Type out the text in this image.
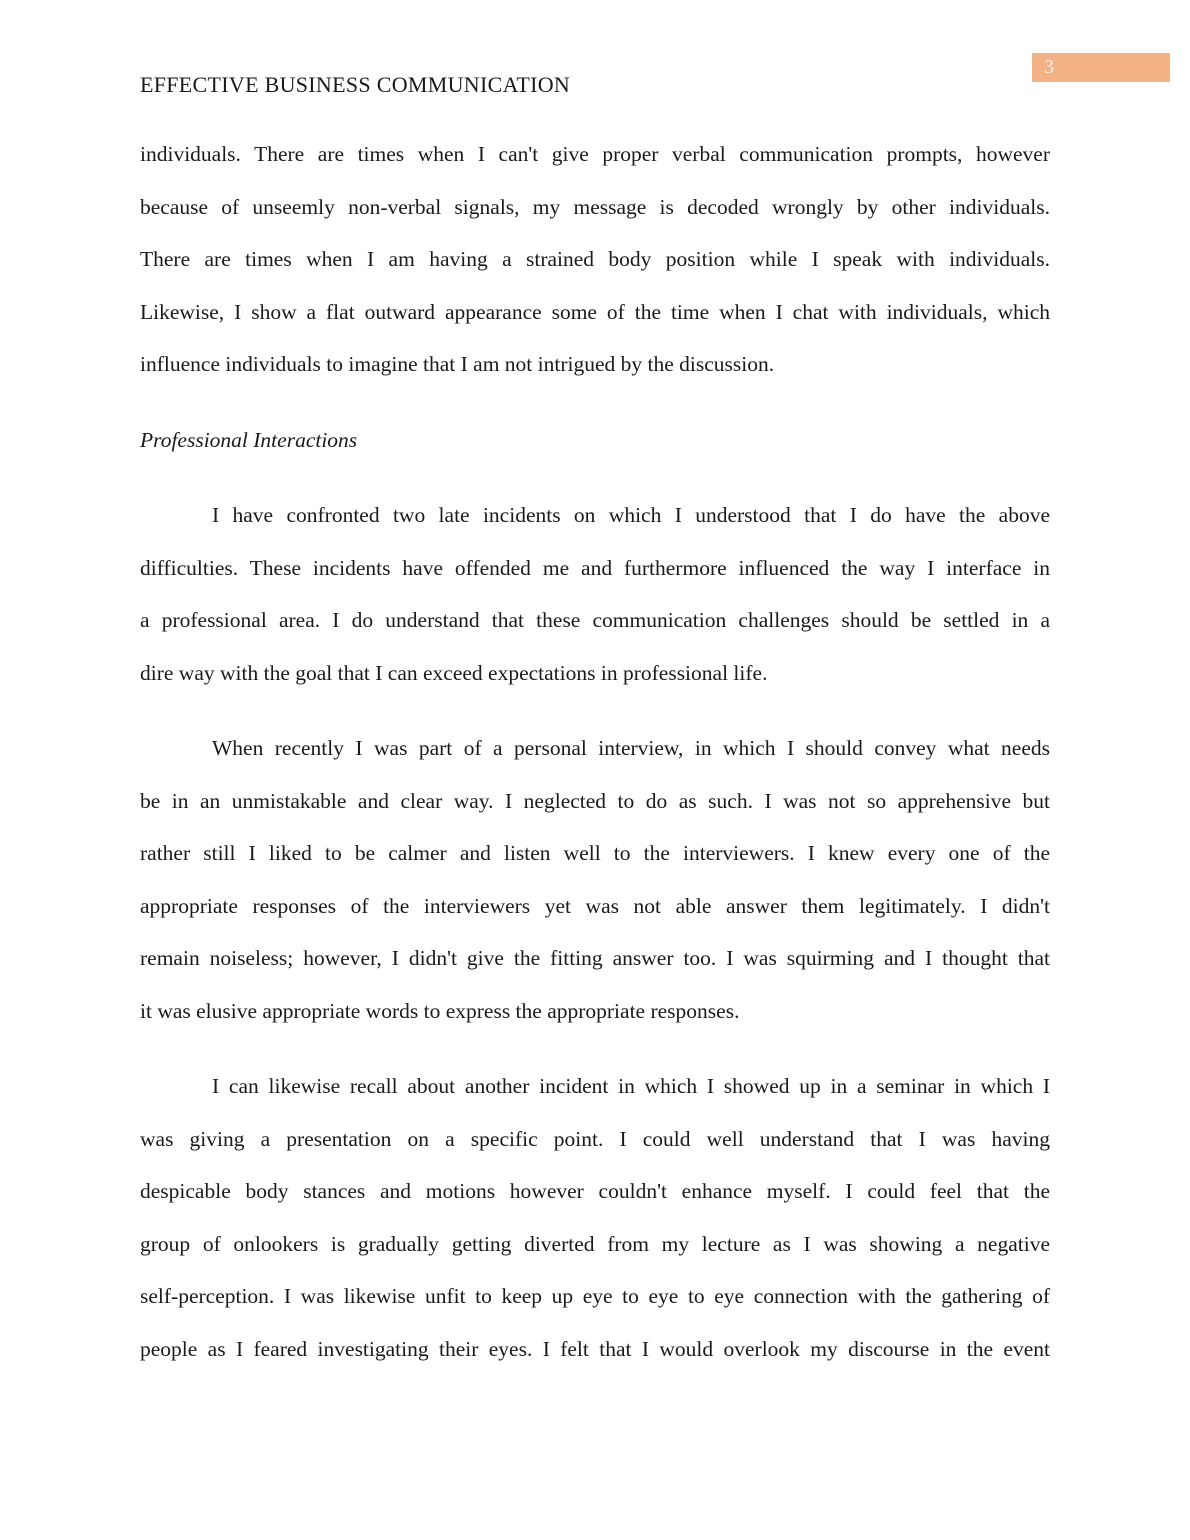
EFFECTIVE BUSINESS COMMUNICATION
3
individuals. There are times when I can't give proper verbal communication prompts, however
because of unseemly non-verbal signals, my message is decoded wrongly by other individuals.
There are times when I am having a strained body position while I speak with individuals.
Likewise, I show a flat outward appearance some of the time when I chat with individuals, which
influence individuals to imagine that I am not intrigued by the discussion.
Professional Interactions
I have confronted two late incidents on which I understood that I do have the above
difficulties. These incidents have offended me and furthermore influenced the way I interface in
a professional area. I do understand that these communication challenges should be settled in a
dire way with the goal that I can exceed expectations in professional life.
When recently I was part of a personal interview, in which I should convey what needs
be in an unmistakable and clear way. I neglected to do as such. I was not so apprehensive but
rather still I liked to be calmer and listen well to the interviewers. I knew every one of the
appropriate responses of the interviewers yet was not able answer them legitimately. I didn't
remain noiseless; however, I didn't give the fitting answer too. I was squirming and I thought that
it was elusive appropriate words to express the appropriate responses.
I can likewise recall about another incident in which I showed up in a seminar in which I
was giving a presentation on a specific point. I could well understand that I was having
despicable body stances and motions however couldn't enhance myself. I could feel that the
group of onlookers is gradually getting diverted from my lecture as I was showing a negative
self-perception. I was likewise unfit to keep up eye to eye to eye connection with the gathering of
people as I feared investigating their eyes. I felt that I would overlook my discourse in the event
